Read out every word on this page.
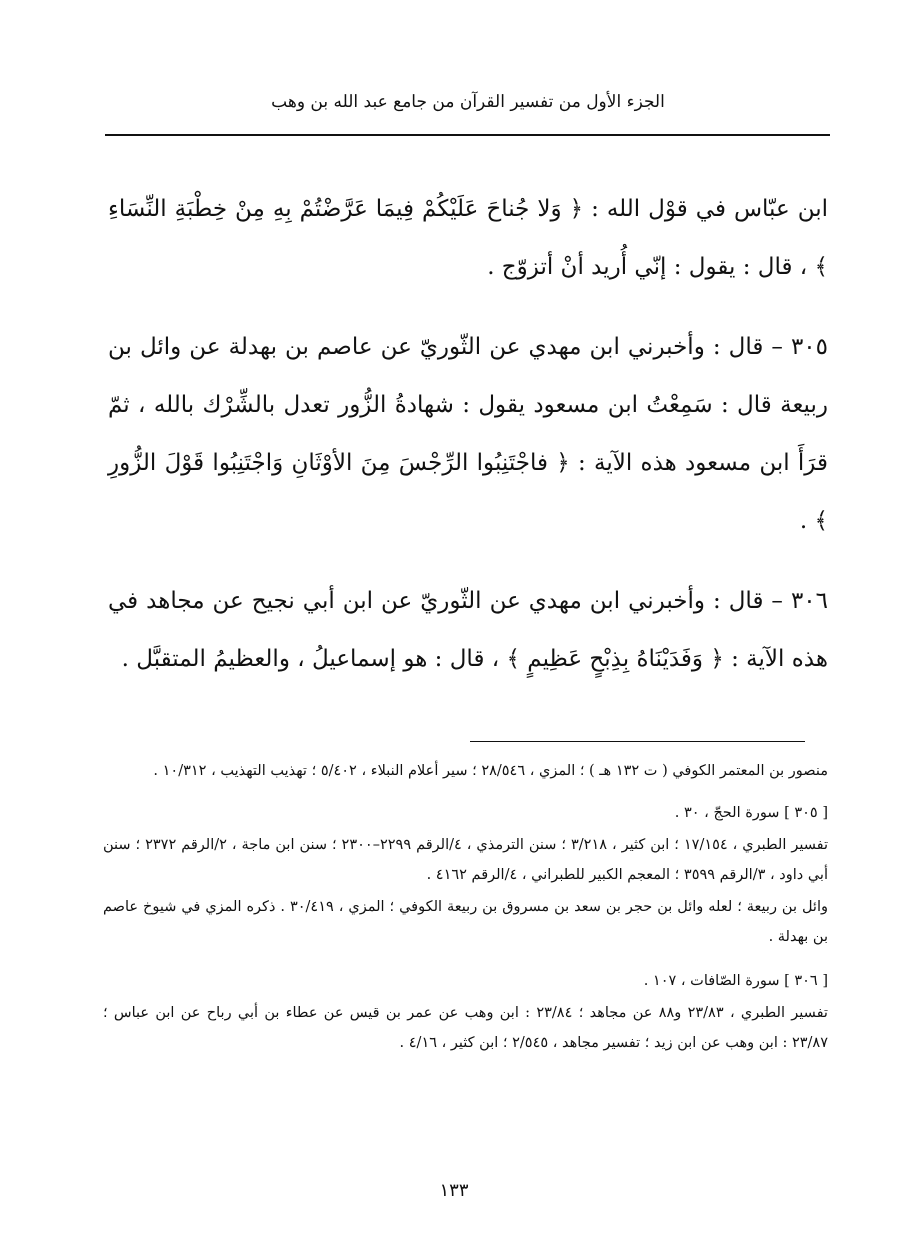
الجزء الأول من تفسير القرآن من جامع عبد الله بن وهب

ابن عبّاس في قوْل الله : ﴿ وَلا جُناحَ عَلَيْكُمْ فِيمَا عَرَّضْتُمْ بِهِ مِنْ خِطْبَةِ النِّسَاءِ ﴾ ، قال : يقول : إنّي أُريد أنْ أتزوّج .

٣٠٥ – قال : وأخبرني ابن مهدي عن الثّوريّ عن عاصم بن بهدلة عن وائل بن ربيعة قال : سَمِعْتُ ابن مسعود يقول : شهادةُ الزُّور تعدل بالشِّرْك بالله ، ثمّ قرَأَ ابن مسعود هذه الآية : ﴿ فاجْتَنِبُوا الرِّجْسَ مِنَ الأوْثَانِ وَاجْتَنِبُوا قَوْلَ الزُّورِ ﴾ .

٣٠٦ – قال : وأخبرني ابن مهدي عن الثّوريّ عن ابن أبي نجيح عن مجاهد في هذه الآية : ﴿ وَفَدَيْنَاهُ بِذِبْحٍ عَظِيمٍ ﴾ ، قال : هو إسماعيلُ ، والعظيمُ المتقبَّل .

منصور بن المعتمر الكوفي ( ت ١٣٢ هـ ) ؛ المزي ، ٢٨/٥٤٦ ؛ سير أعلام النبلاء ، ٥/٤٠٢ ؛ تهذيب التهذيب ، ١٠/٣١٢ .
[ ٣٠٥ ] سورة الحجّ ، ٣٠ .
تفسير الطبري ، ١٧/١٥٤ ؛ ابن كثير ، ٣/٢١٨ ؛ سنن الترمذي ، ٤/الرقم ٢٢٩٩–٢٣٠٠ ؛ سنن ابن ماجة ، ٢/الرقم ٢٣٧٢ ؛ سنن أبي داود ، ٣/الرقم ٣٥٩٩ ؛ المعجم الكبير للطبراني ، ٤/الرقم ٤١٦٢ .
وائل بن ربيعة ؛ لعله وائل بن حجر بن سعد بن مسروق بن ربيعة الكوفي ؛ المزي ، ٣٠/٤١٩ . ذكره المزي في شيوخ عاصم بن بهدلة .
[ ٣٠٦ ] سورة الصّافات ، ١٠٧ .
تفسير الطبري ، ٢٣/٨٣ و٨٨ عن مجاهد ؛ ٢٣/٨٤ : ابن وهب عن عمر بن قيس عن عطاء بن أبي رباح عن ابن عباس ؛ ٢٣/٨٧ : ابن وهب عن ابن زيد ؛ تفسير مجاهد ، ٢/٥٤٥ ؛ ابن كثير ، ٤/١٦ .
١٣٣
